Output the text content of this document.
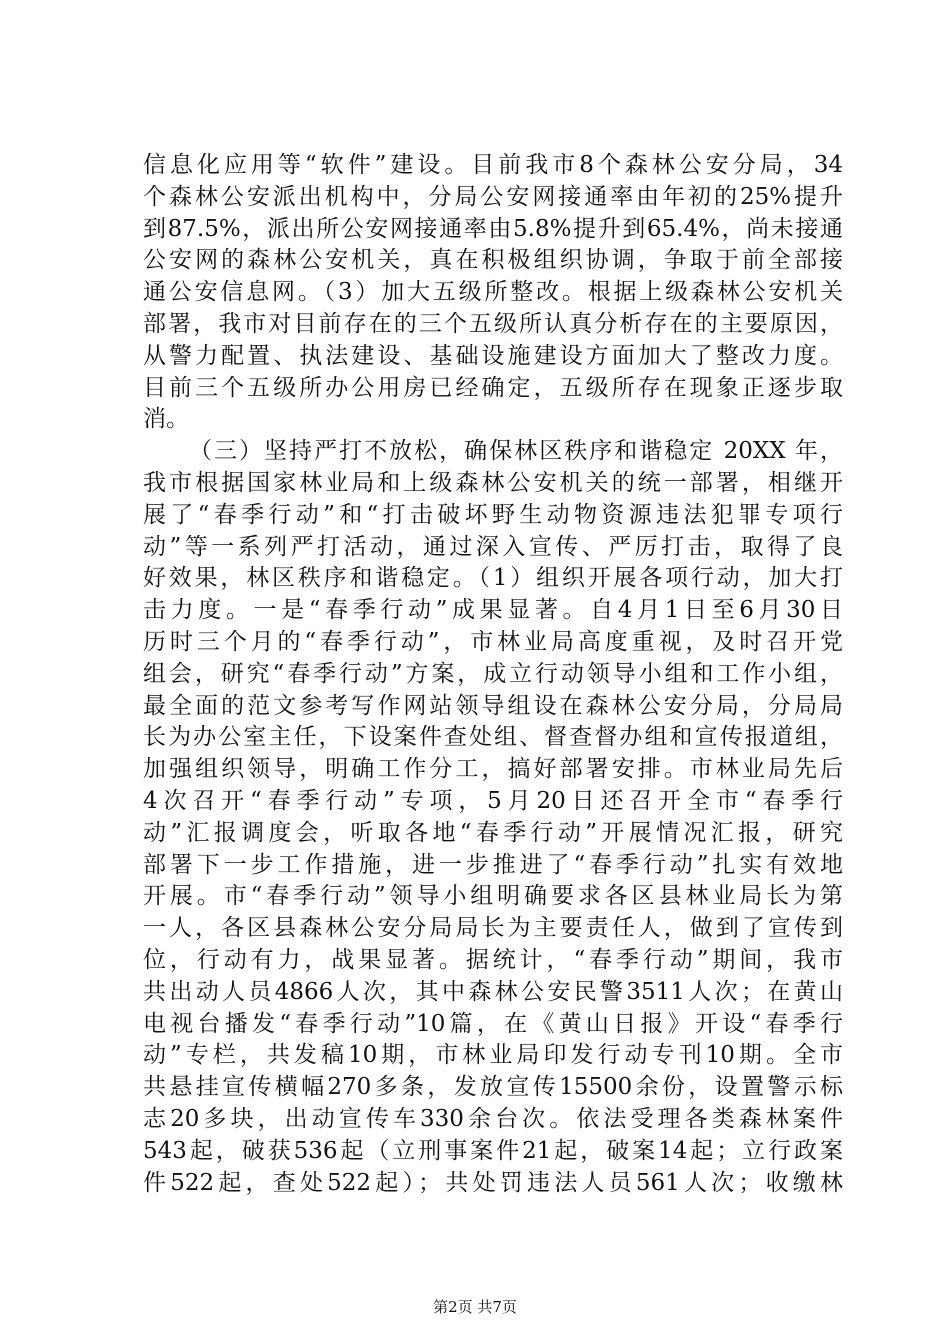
信息化应用等“软件”建设。目前我市8个森林公安分局，34
个森林公安派出机构中，分局公安网接通率由年初的25%提升
到87.5%，派出所公安网接通率由5.8%提升到65.4%，尚未接通
公安网的森林公安机关，真在积极组织协调，争取于前全部接
通公安信息网。（3）加大五级所整改。根据上级森林公安机关
部署，我市对目前存在的三个五级所认真分析存在的主要原因，
从警力配置、执法建设、基础设施建设方面加大了整改力度。
目前三个五级所办公用房已经确定，五级所存在现象正逐步取
消。
（三）坚持严打不放松，确保林区秩序和谐稳定 20XX 年，
我市根据国家林业局和上级森林公安机关的统一部署，相继开
展了“春季行动”和“打击破坏野生动物资源违法犯罪专项行
动”等一系列严打活动，通过深入宣传、严厉打击，取得了良
好效果，林区秩序和谐稳定。（1）组织开展各项行动，加大打
击力度。一是“春季行动”成果显著。自4月1日至6月30日
历时三个月的“春季行动”，市林业局高度重视，及时召开党
组会，研究“春季行动”方案，成立行动领导小组和工作小组，
最全面的范文参考写作网站领导组设在森林公安分局，分局局
长为办公室主任，下设案件查处组、督查督办组和宣传报道组，
加强组织领导，明确工作分工，搞好部署安排。市林业局先后
4次召开“春季行动”专项，5月20日还召开全市“春季行
动”汇报调度会，听取各地“春季行动”开展情况汇报，研究
部署下一步工作措施，进一步推进了“春季行动”扎实有效地
开展。市“春季行动”领导小组明确要求各区县林业局长为第
一人，各区县森林公安分局局长为主要责任人，做到了宣传到
位，行动有力，战果显著。据统计，“春季行动”期间，我市
共出动人员4866人次，其中森林公安民警3511人次；在黄山
电视台播发“春季行动”10篇，在《黄山日报》开设“春季行
动”专栏，共发稿10期，市林业局印发行动专刊10期。全市
共悬挂宣传横幅270多条，发放宣传15500余份，设置警示标
志20多块，出动宣传车330余台次。依法受理各类森林案件
543起，破获536起（立刑事案件21起，破案14起；立行政案
件522起，查处522起）；共处罚违法人员561人次；收缴林
第2页 共7页
